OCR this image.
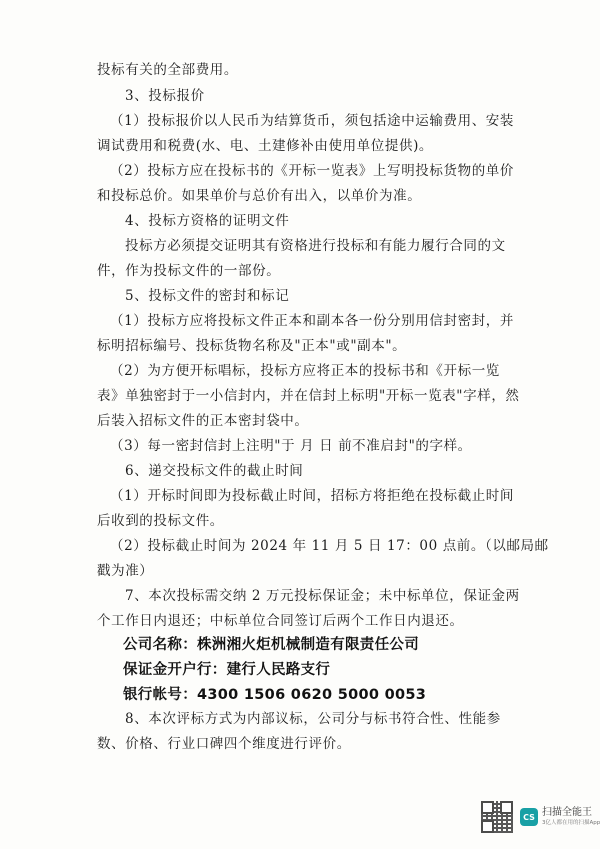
投标有关的全部费用。
3、投标报价
（1）投标报价以人民币为结算货币，须包括途中运输费用、安装
调试费用和税费(水、电、土建修补由使用单位提供)。
（2）投标方应在投标书的《开标一览表》上写明投标货物的单价
和投标总价。如果单价与总价有出入，以单价为准。
4、投标方资格的证明文件
投标方必须提交证明其有资格进行投标和有能力履行合同的文
件，作为投标文件的一部份。
5、投标文件的密封和标记
（1）投标方应将投标文件正本和副本各一份分别用信封密封，并
标明招标编号、投标货物名称及"正本"或"副本"。
（2）为方便开标唱标，投标方应将正本的投标书和《开标一览
表》单独密封于一小信封内，并在信封上标明"开标一览表"字样，然
后装入招标文件的正本密封袋中。
（3）每一密封信封上注明"于 月 日 前不准启封"的字样。
6、递交投标文件的截止时间
（1）开标时间即为投标截止时间，招标方将拒绝在投标截止时间
后收到的投标文件。
（2）投标截止时间为 2024 年 11 月 5 日 17：00 点前。（以邮局邮
戳为准）
7、本次投标需交纳 2 万元投标保证金；未中标单位，保证金两
个工作日内退还；中标单位合同签订后两个工作日内退还。
公司名称：株洲湘火炬机械制造有限责任公司
保证金开户行：建行人民路支行
银行帐号：4300 1506 0620 5000 0053
8、本次评标方式为内部议标，公司分与标书符合性、性能参
数、价格、行业口碑四个维度进行评价。
CS 扫描全能王
3亿人都在用的扫描App
